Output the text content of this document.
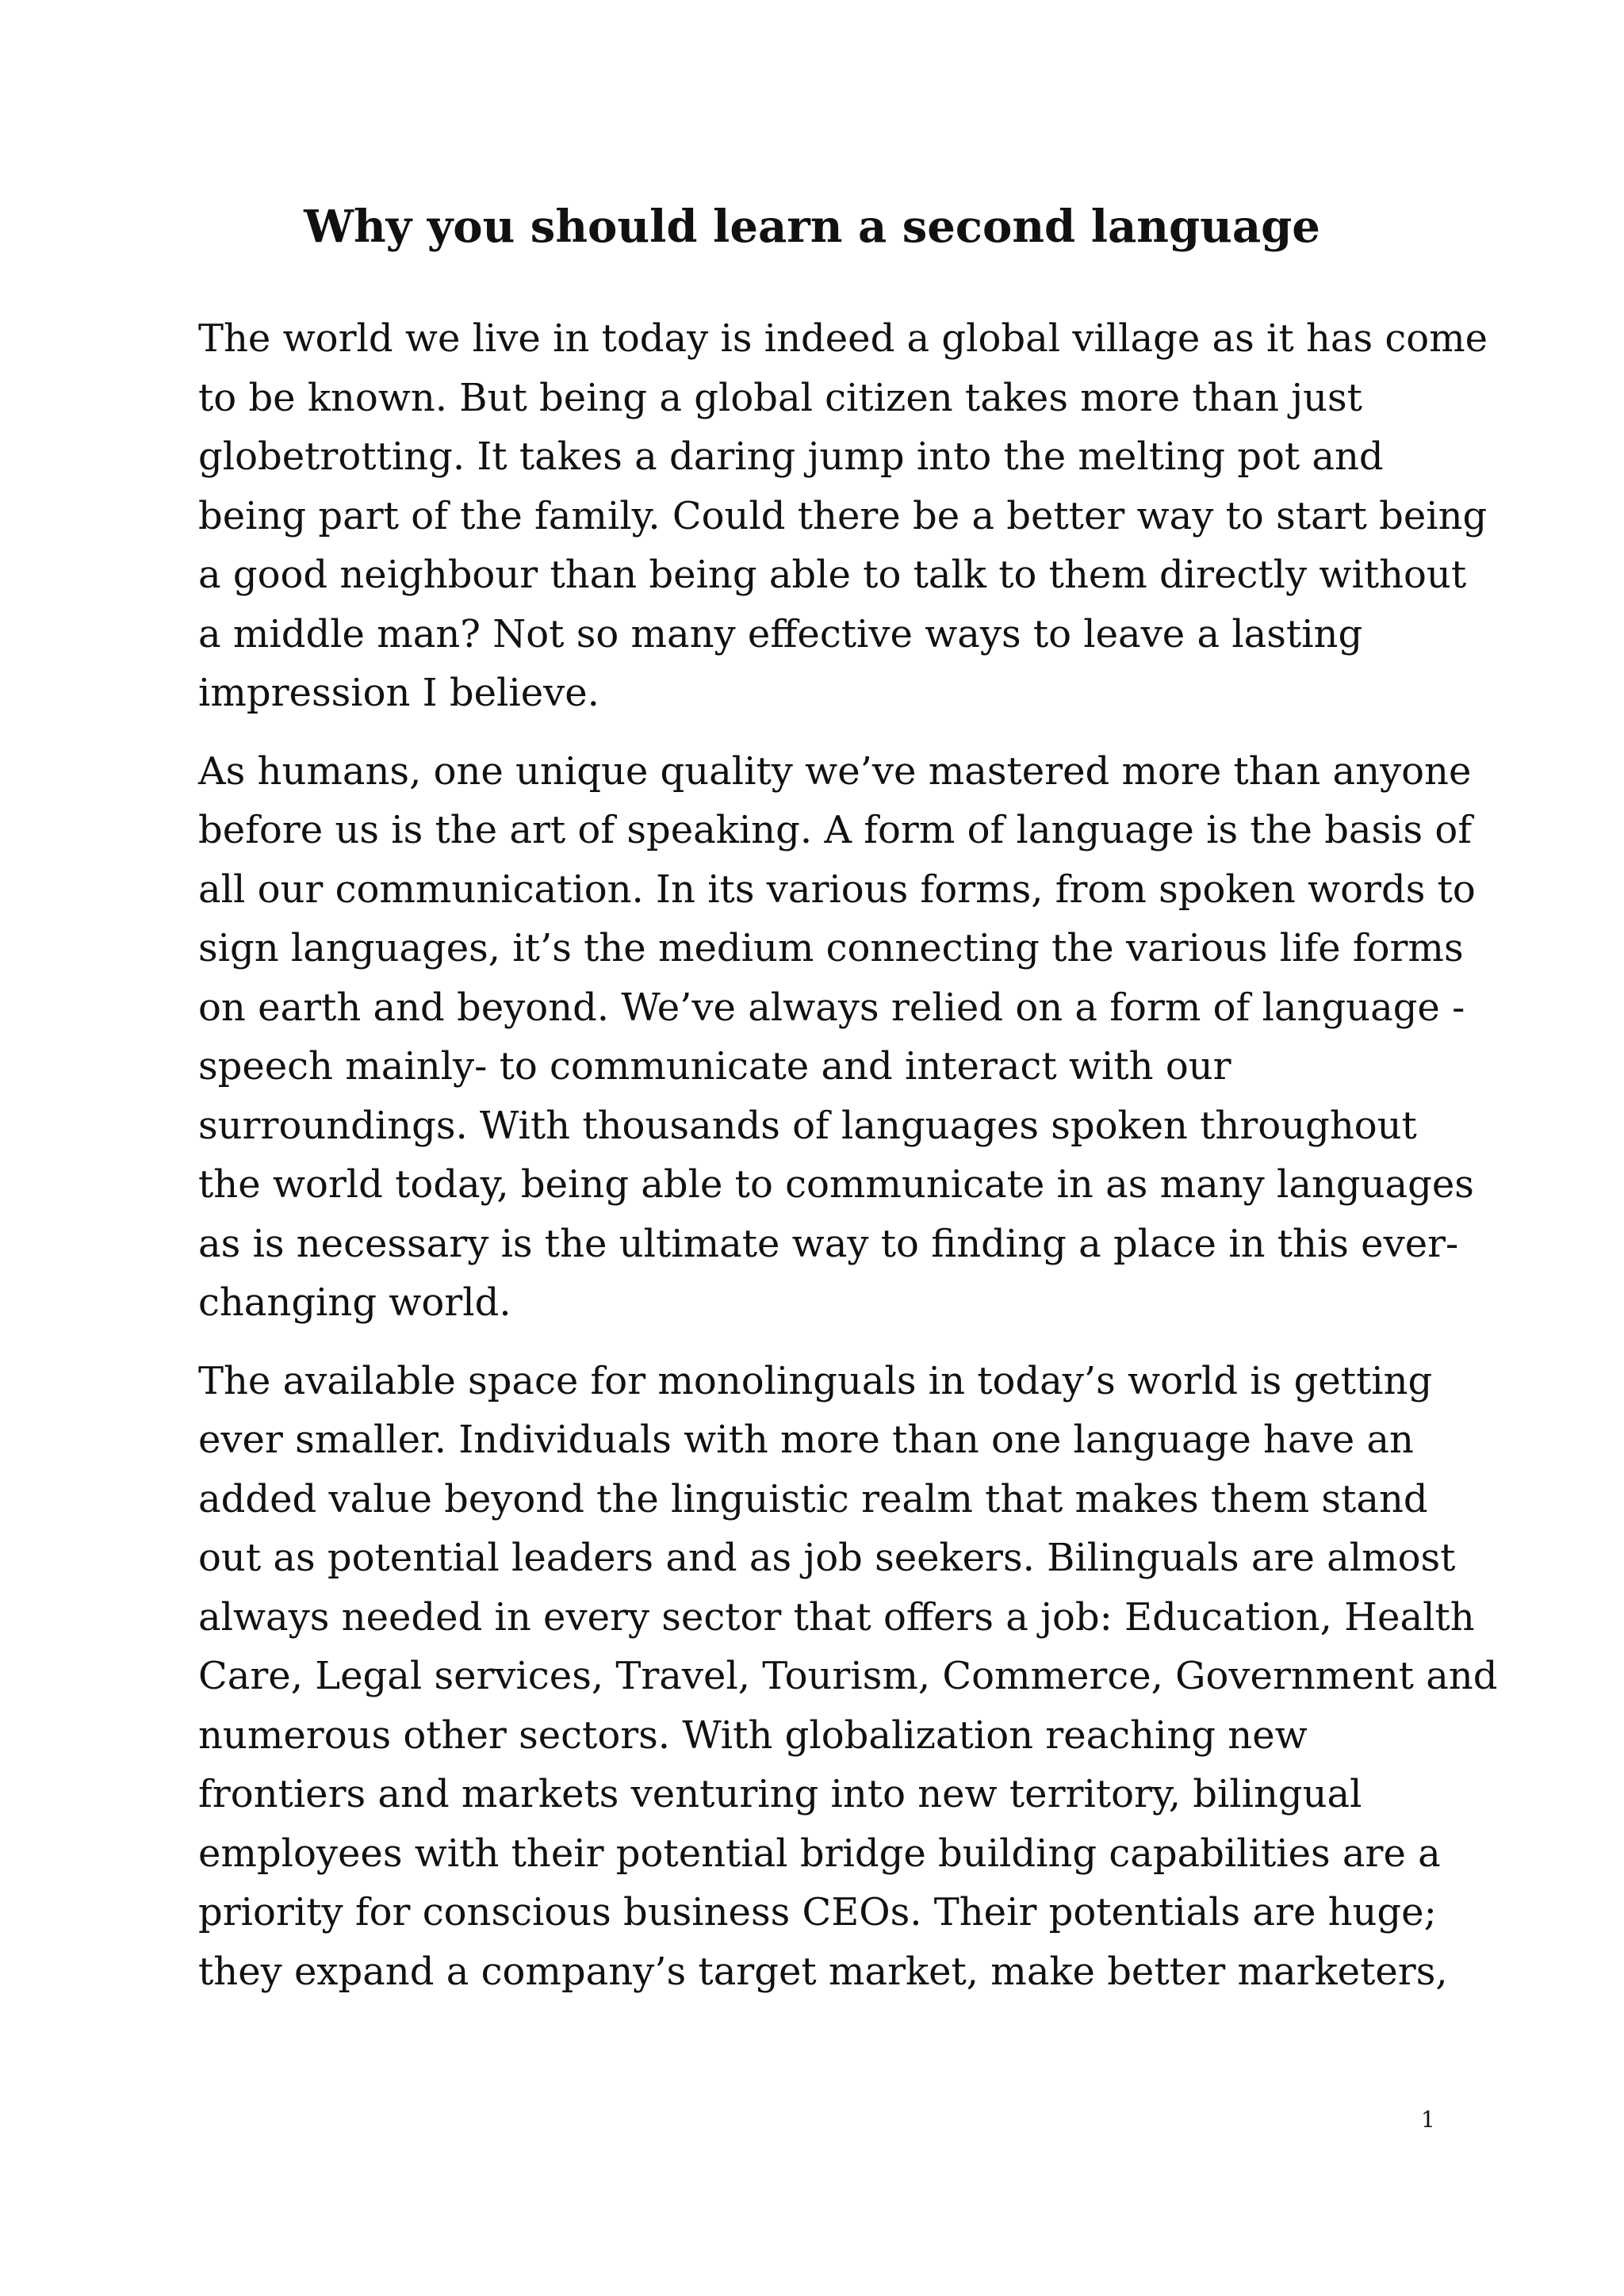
Why you should learn a second language

The world we live in today is indeed a global village as it has come
to be known. But being a global citizen takes more than just
globetrotting. It takes a daring jump into the melting pot and
being part of the family. Could there be a better way to start being
a good neighbour than being able to talk to them directly without
a middle man? Not so many effective ways to leave a lasting
impression I believe.

As humans, one unique quality we’ve mastered more than anyone
before us is the art of speaking. A form of language is the basis of
all our communication. In its various forms, from spoken words to
sign languages, it’s the medium connecting the various life forms
on earth and beyond. We’ve always relied on a form of language -
speech mainly- to communicate and interact with our
surroundings. With thousands of languages spoken throughout
the world today, being able to communicate in as many languages
as is necessary is the ultimate way to finding a place in this ever-
changing world.

The available space for monolinguals in today’s world is getting
ever smaller. Individuals with more than one language have an
added value beyond the linguistic realm that makes them stand
out as potential leaders and as job seekers. Bilinguals are almost
always needed in every sector that offers a job: Education, Health
Care, Legal services, Travel, Tourism, Commerce, Government and
numerous other sectors. With globalization reaching new
frontiers and markets venturing into new territory, bilingual
employees with their potential bridge building capabilities are a
priority for conscious business CEOs. Their potentials are huge;
they expand a company’s target market, make better marketers,

1
